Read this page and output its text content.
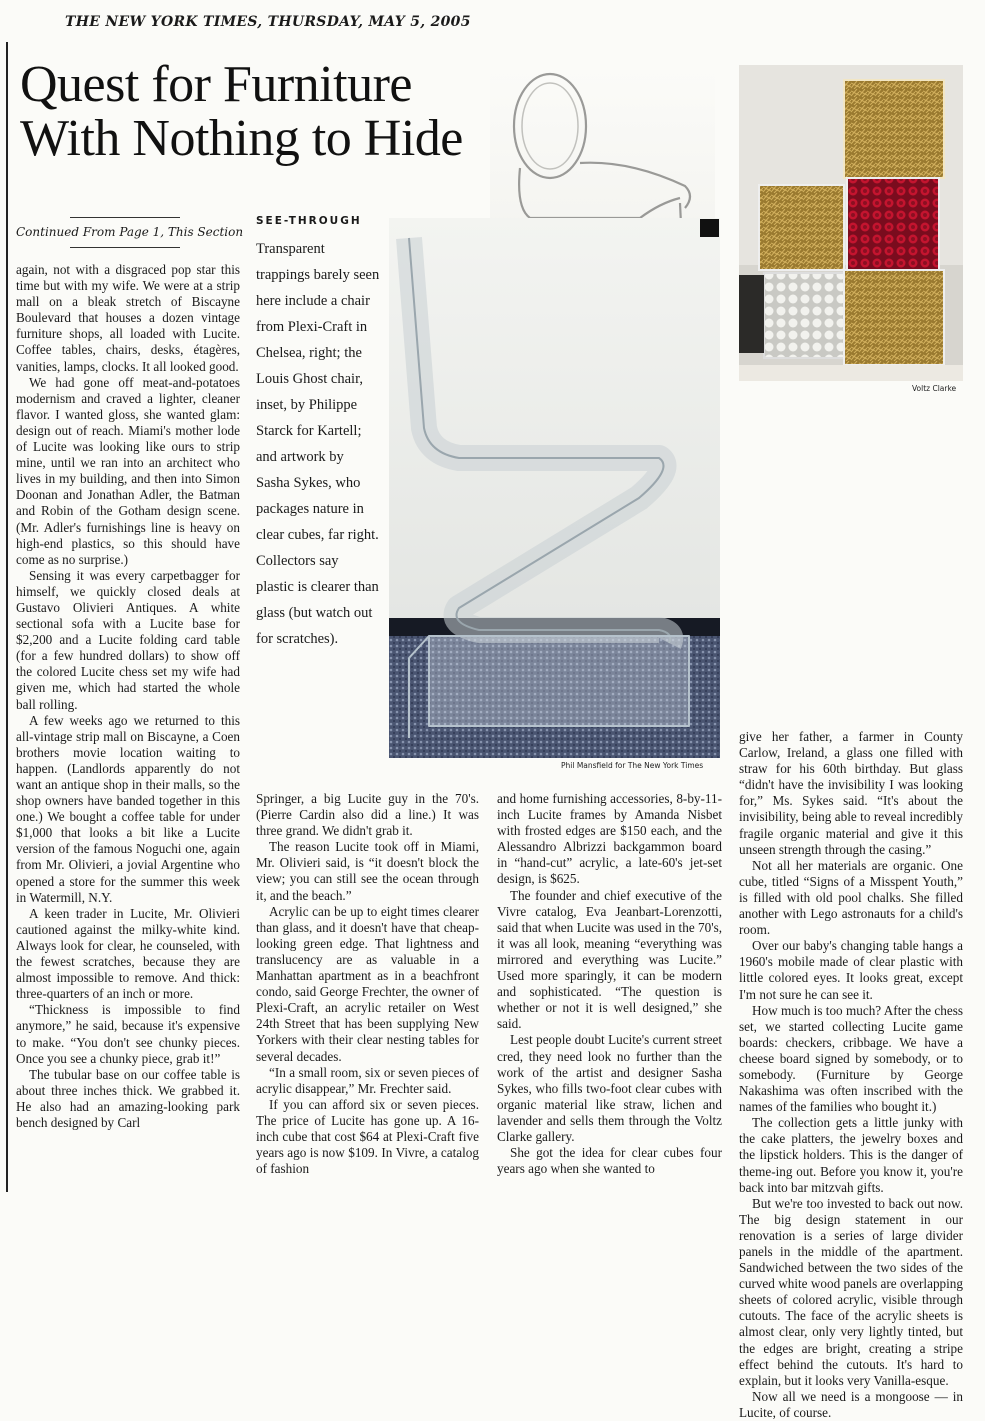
THE NEW YORK TIMES, THURSDAY, MAY 5, 2005
Quest for Furniture
With Nothing to Hide
Continued From Page 1, This Section
Phil Mansfield for The New York Times
Voltz Clarke
SEE-THROUGH
Transparent trappings barely seen here include a chair from Plexi-Craft in Chelsea, right; the Louis Ghost chair, inset, by Philippe Starck for Kartell; and artwork by Sasha Sykes, who packages nature in clear cubes, far right. Collectors say plastic is clearer than glass (but watch out for scratches).

again, not with a disgraced pop star this time but with my wife. We were at a strip mall on a bleak stretch of Biscayne Boulevard that houses a dozen vintage furniture shops, all loaded with Lucite. Coffee tables, chairs, desks, étagères, vanities, lamps, clocks. It all looked good.

We had gone off meat-and-potatoes modernism and craved a lighter, cleaner flavor. I wanted gloss, she wanted glam: design out of reach. Miami's mother lode of Lucite was looking like ours to strip mine, until we ran into an architect who lives in my building, and then into Simon Doonan and Jonathan Adler, the Batman and Robin of the Gotham design scene. (Mr. Adler's furnishings line is heavy on high-end plastics, so this should have come as no surprise.)

Sensing it was every carpetbagger for himself, we quickly closed deals at Gustavo Olivieri Antiques. A white sectional sofa with a Lucite base for $2,200 and a Lucite folding card table (for a few hundred dollars) to show off the colored Lucite chess set my wife had given me, which had started the whole ball rolling.

A few weeks ago we returned to this all-vintage strip mall on Biscayne, a Coen brothers movie location waiting to happen. (Landlords apparently do not want an antique shop in their malls, so the shop owners have banded together in this one.) We bought a coffee table for under $1,000 that looks a bit like a Lucite version of the famous Noguchi one, again from Mr. Olivieri, a jovial Argentine who opened a store for the summer this week in Watermill, N.Y.

A keen trader in Lucite, Mr. Olivieri cautioned against the milky-white kind. Always look for clear, he counseled, with the fewest scratches, because they are almost impossible to remove. And thick: three-quarters of an inch or more.

“Thickness is impossible to find anymore,” he said, because it's expensive to make. “You don't see chunky pieces. Once you see a chunky piece, grab it!”

The tubular base on our coffee table is about three inches thick. We grabbed it. He also had an amazing-looking park bench designed by Carl

Springer, a big Lucite guy in the 70's. (Pierre Cardin also did a line.) It was three grand. We didn't grab it.

The reason Lucite took off in Miami, Mr. Olivieri said, is “it doesn't block the view; you can still see the ocean through it, and the beach.”

Acrylic can be up to eight times clearer than glass, and it doesn't have that cheap-looking green edge. That lightness and translucency are as valuable in a Manhattan apartment as in a beachfront condo, said George Frechter, the owner of Plexi-Craft, an acrylic retailer on West 24th Street that has been supplying New Yorkers with their clear nesting tables for several decades.

“In a small room, six or seven pieces of acrylic disappear,” Mr. Frechter said.

If you can afford six or seven pieces. The price of Lucite has gone up. A 16-inch cube that cost $64 at Plexi-Craft five years ago is now $109. In Vivre, a catalog of fashion

and home furnishing accessories, 8-by-11-inch Lucite frames by Amanda Nisbet with frosted edges are $150 each, and the Alessandro Albrizzi backgammon board in “hand-cut” acrylic, a late-60's jet-set design, is $625.

The founder and chief executive of the Vivre catalog, Eva Jeanbart-Lorenzotti, said that when Lucite was used in the 70's, it was all look, meaning “everything was mirrored and everything was Lucite.” Used more sparingly, it can be modern and sophisticated. “The question is whether or not it is well designed,” she said.

Lest people doubt Lucite's current street cred, they need look no further than the work of the artist and designer Sasha Sykes, who fills two-foot clear cubes with organic material like straw, lichen and lavender and sells them through the Voltz Clarke gallery.

She got the idea for clear cubes four years ago when she wanted to

give her father, a farmer in County Carlow, Ireland, a glass one filled with straw for his 60th birthday. But glass “didn't have the invisibility I was looking for,” Ms. Sykes said. “It's about the invisibility, being able to reveal incredibly fragile organic material and give it this unseen strength through the casing.”

Not all her materials are organic. One cube, titled “Signs of a Misspent Youth,” is filled with old pool chalks. She filled another with Lego astronauts for a child's room.

Over our baby's changing table hangs a 1960's mobile made of clear plastic with little colored eyes. It looks great, except I'm not sure he can see it.

How much is too much? After the chess set, we started collecting Lucite game boards: checkers, cribbage. We have a cheese board signed by somebody, or to somebody. (Furniture by George Nakashima was often inscribed with the names of the families who bought it.)

The collection gets a little junky with the cake platters, the jewelry boxes and the lipstick holders. This is the danger of theme-ing out. Before you know it, you're back into bar mitzvah gifts.

But we're too invested to back out now. The big design statement in our renovation is a series of large divider panels in the middle of the apartment. Sandwiched between the two sides of the curved white wood panels are overlapping sheets of colored acrylic, visible through cutouts. The face of the acrylic sheets is almost clear, only very lightly tinted, but the edges are bright, creating a stripe effect behind the cutouts. It's hard to explain, but it looks very Vanilla-esque.

Now all we need is a mongoose — in Lucite, of course.
